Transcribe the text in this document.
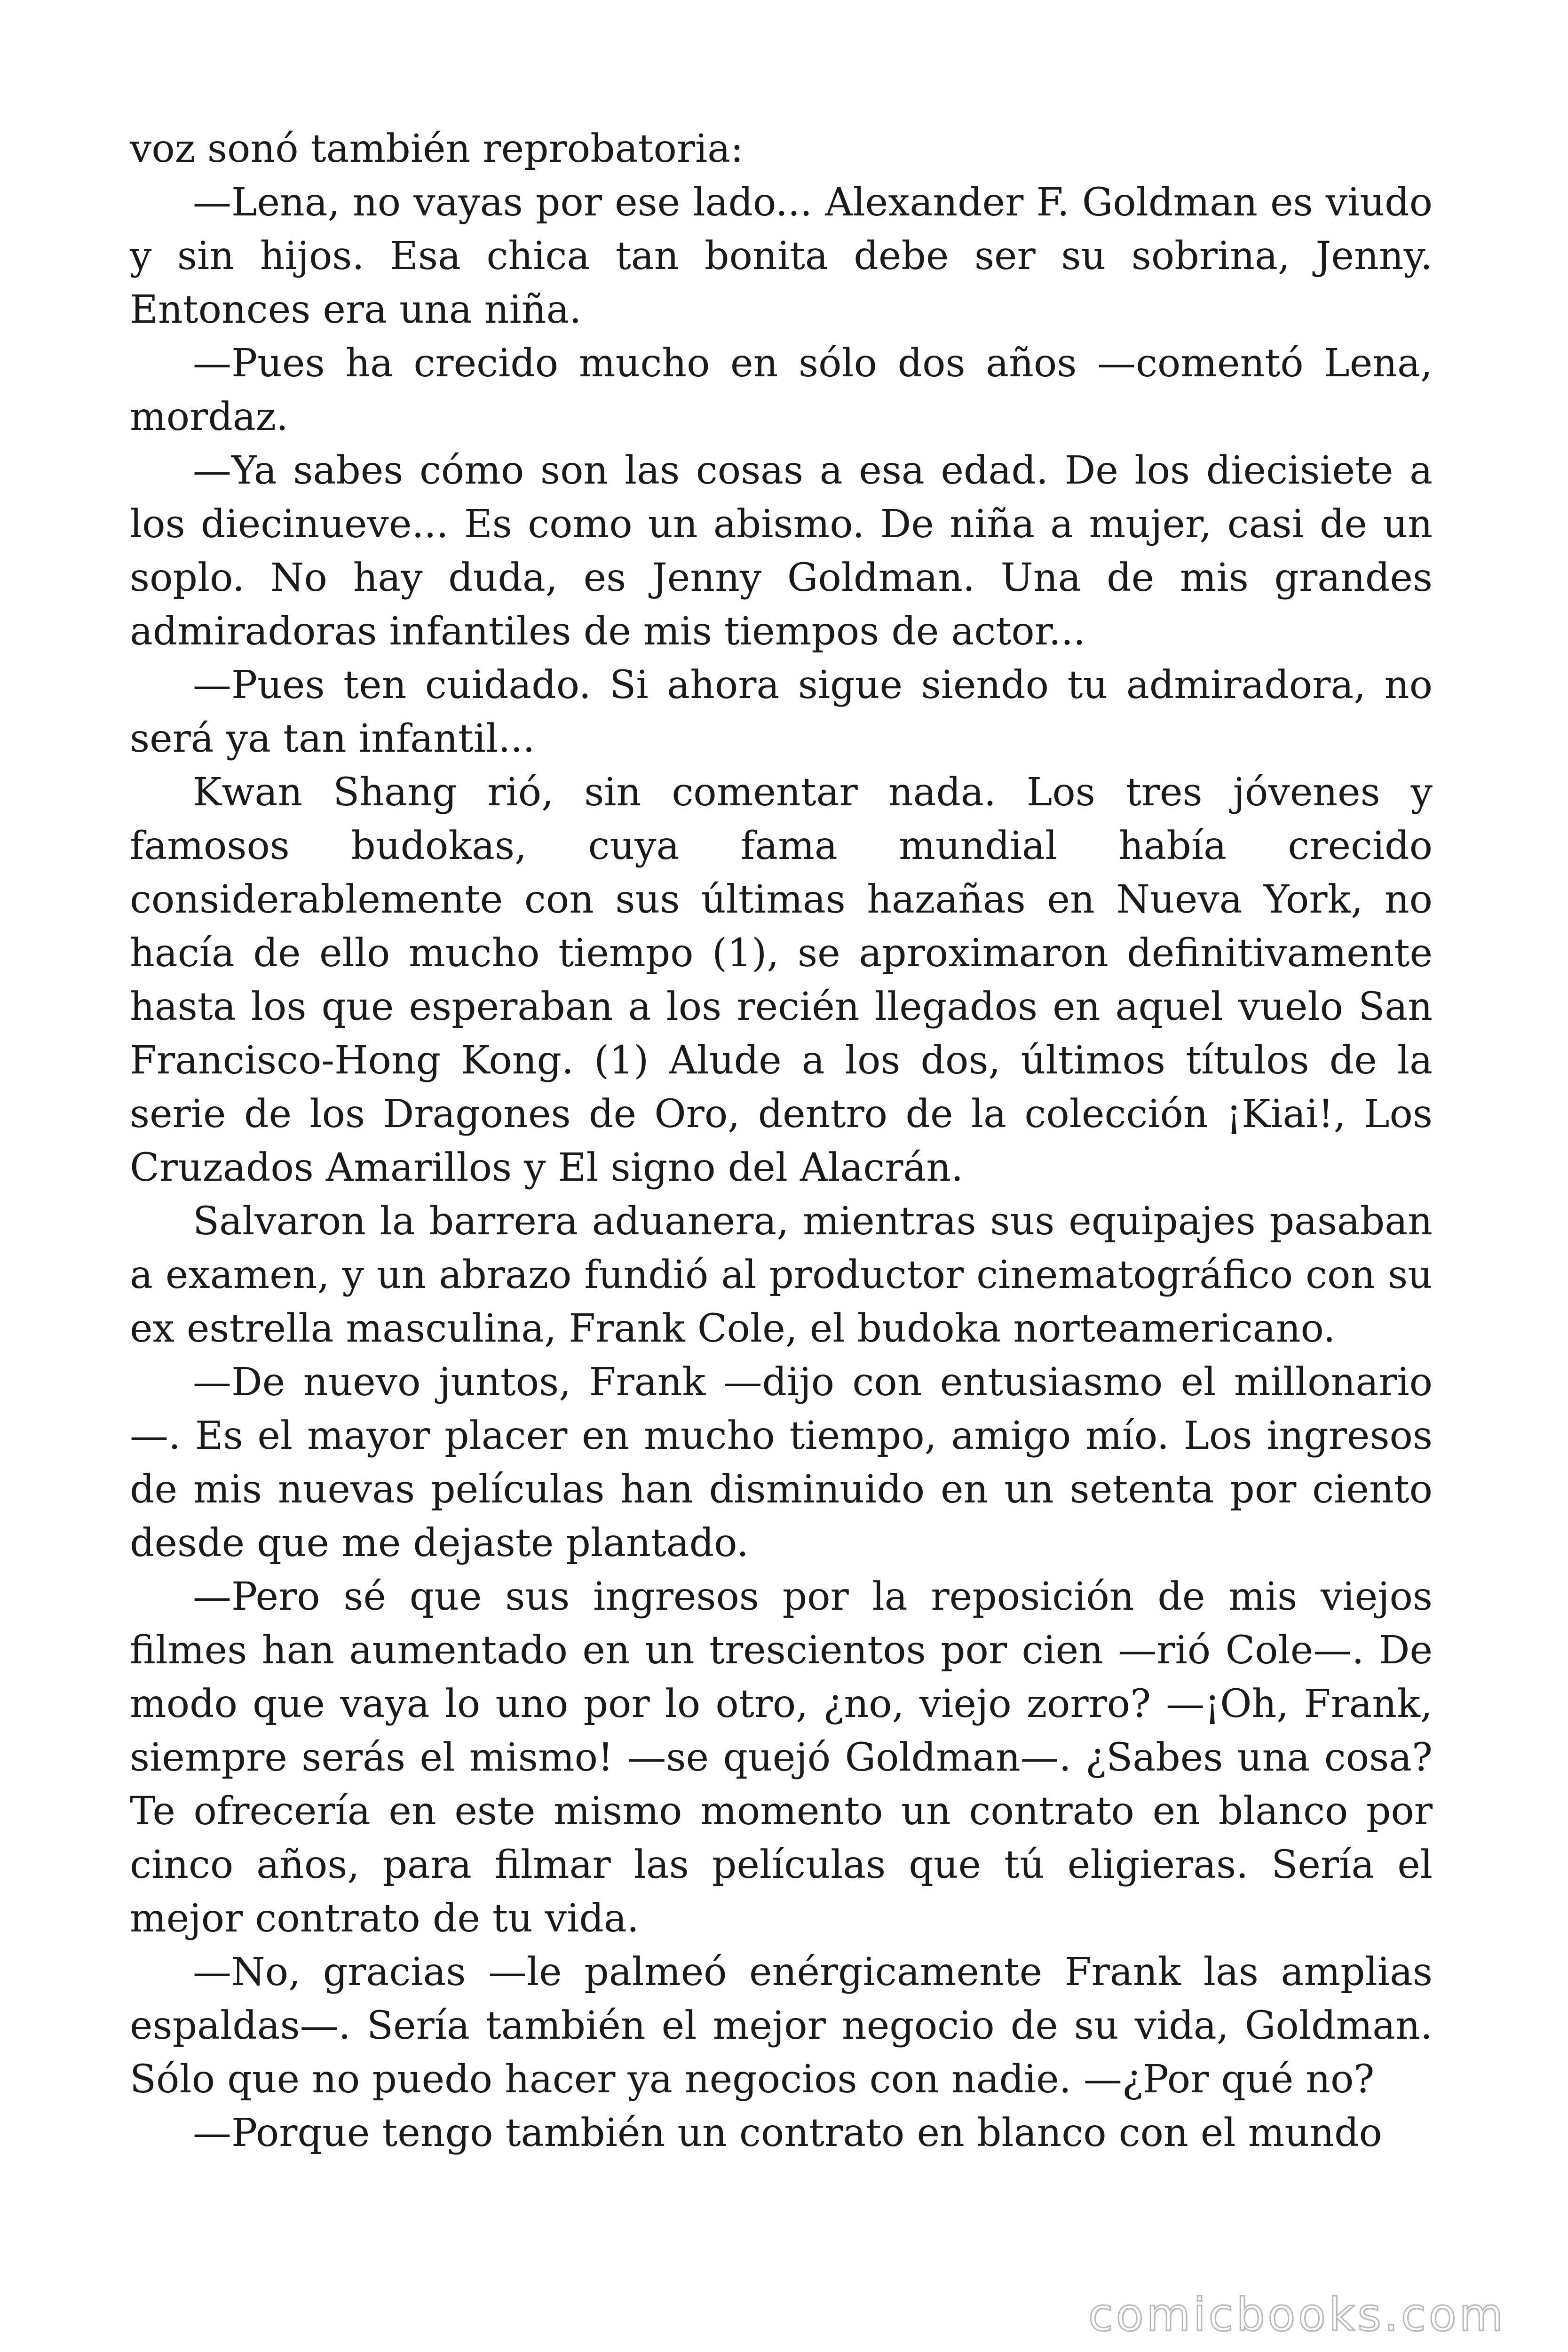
voz sonó también reprobatoria:

—Lena, no vayas por ese lado... Alexander F. Goldman es viudo y sin hijos. Esa chica tan bonita debe ser su sobrina, Jenny. Entonces era una niña.

—Pues ha crecido mucho en sólo dos años —comentó Lena, mordaz.

—Ya sabes cómo son las cosas a esa edad. De los diecisiete a los diecinueve... Es como un abismo. De niña a mujer, casi de un soplo. No hay duda, es Jenny Goldman. Una de mis grandes admiradoras infantiles de mis tiempos de actor...

—Pues ten cuidado. Si ahora sigue siendo tu admiradora, no será ya tan infantil...

Kwan Shang rió, sin comentar nada. Los tres jóvenes y famosos budokas, cuya fama mundial había crecido considerablemente con sus últimas hazañas en Nueva York, no hacía de ello mucho tiempo (1), se aproximaron definitivamente hasta los que esperaban a los recién llegados en aquel vuelo San Francisco-Hong Kong. (1) Alude a los dos, últimos títulos de la serie de los Dragones de Oro, dentro de la colección ¡Kiai!, Los Cruzados Amarillos y El signo del Alacrán.

Salvaron la barrera aduanera, mientras sus equipajes pasaban a examen, y un abrazo fundió al productor cinematográfico con su ex estrella masculina, Frank Cole, el budoka norteamericano.

—De nuevo juntos, Frank —dijo con entusiasmo el millonario—. Es el mayor placer en mucho tiempo, amigo mío. Los ingresos de mis nuevas películas han disminuido en un setenta por ciento desde que me dejaste plantado.

—Pero sé que sus ingresos por la reposición de mis viejos filmes han aumentado en un trescientos por cien —rió Cole—. De modo que vaya lo uno por lo otro, ¿no, viejo zorro? —¡Oh, Frank, siempre serás el mismo! —se quejó Goldman—. ¿Sabes una cosa? Te ofrecería en este mismo momento un contrato en blanco por cinco años, para filmar las películas que tú eligieras. Sería el mejor contrato de tu vida.

—No, gracias —le palmeó enérgicamente Frank las amplias espaldas—. Sería también el mejor negocio de su vida, Goldman. Sólo que no puedo hacer ya negocios con nadie. —¿Por qué no?

—Porque tengo también un contrato en blanco con el mundo

comicbooks.com
